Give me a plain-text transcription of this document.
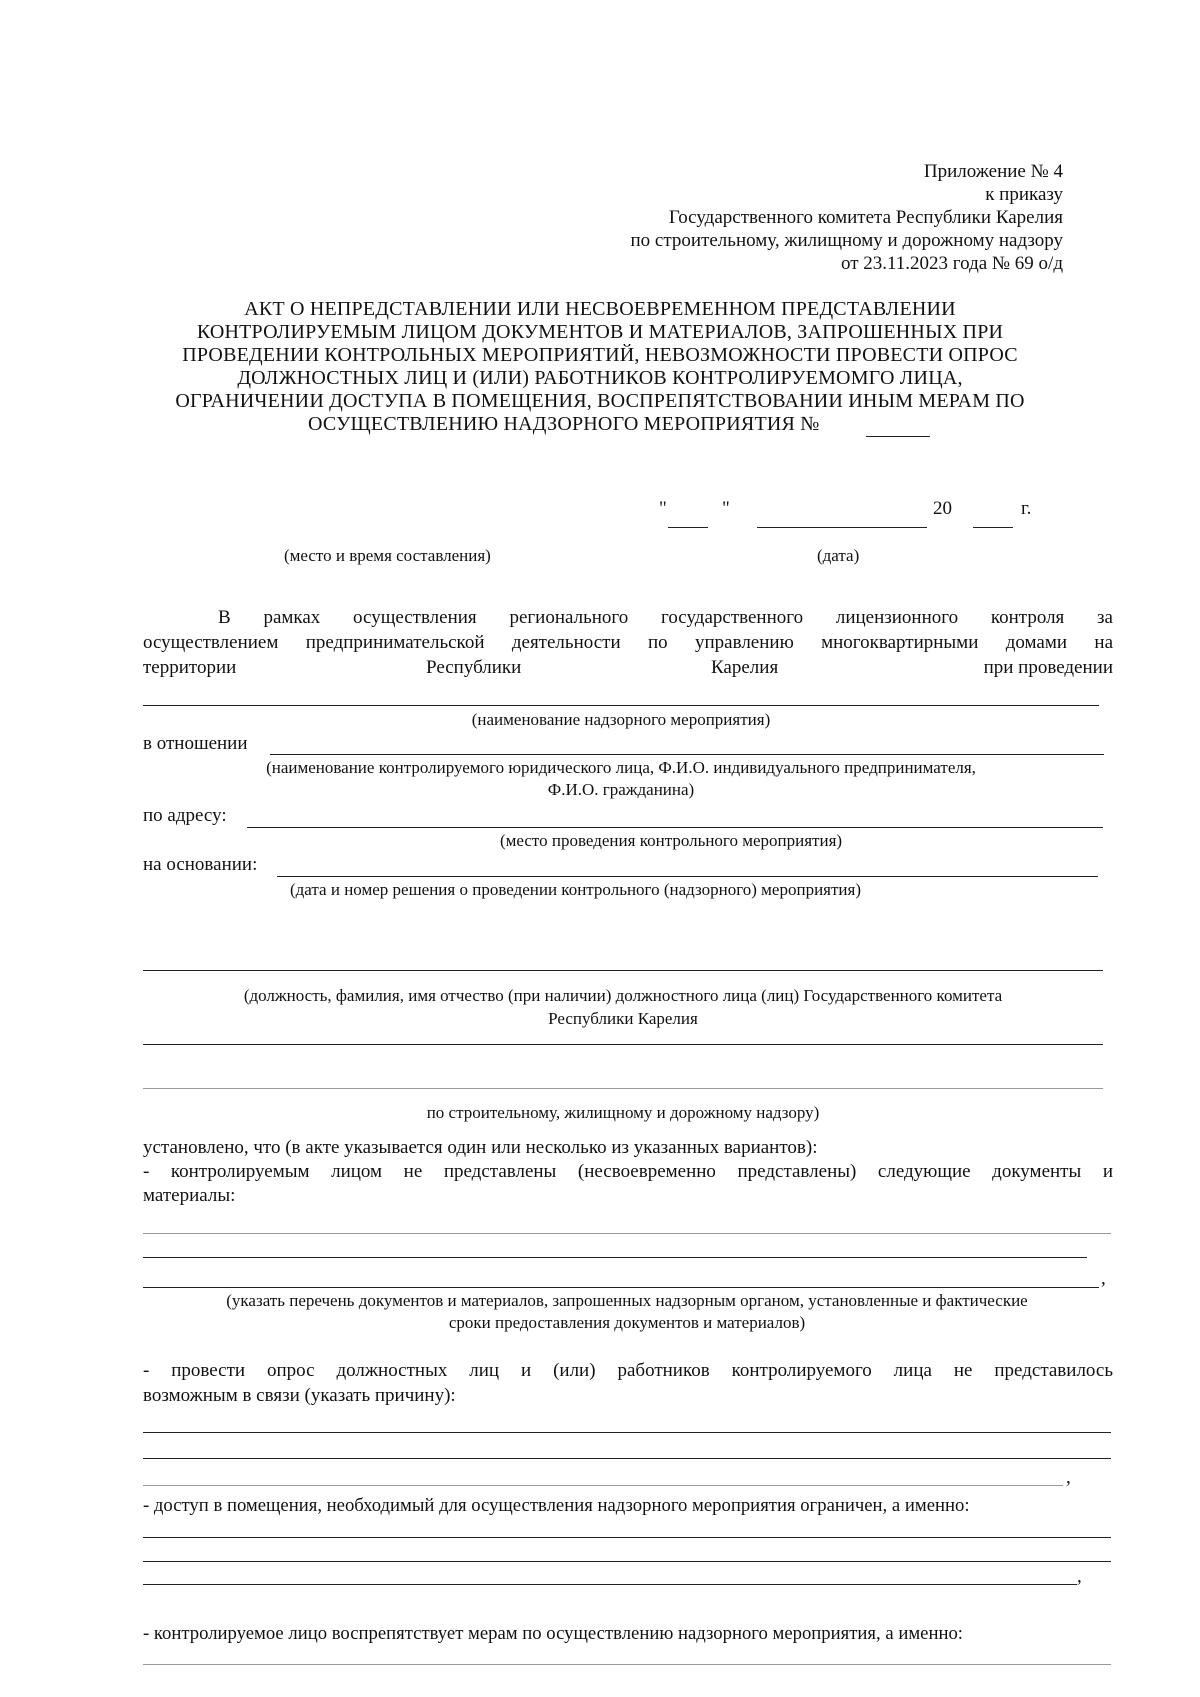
Приложение № 4
к приказу
Государственного комитета Республики Карелия
по строительному, жилищному и дорожному надзору
от 23.11.2023 года № 69 о/д
АКТ О НЕПРЕДСТАВЛЕНИИ ИЛИ НЕСВОЕВРЕМЕННОМ ПРЕДСТАВЛЕНИИ
КОНТРОЛИРУЕМЫМ ЛИЦОМ ДОКУМЕНТОВ И МАТЕРИАЛОВ, ЗАПРОШЕННЫХ ПРИ
ПРОВЕДЕНИИ КОНТРОЛЬНЫХ МЕРОПРИЯТИЙ, НЕВОЗМОЖНОСТИ ПРОВЕСТИ ОПРОС
ДОЛЖНОСТНЫХ ЛИЦ И (ИЛИ) РАБОТНИКОВ КОНТРОЛИРУЕМОМГО ЛИЦА,
ОГРАНИЧЕНИИ ДОСТУПА В ПОМЕЩЕНИЯ, ВОСПРЕПЯТСТВОВАНИИ ИНЫМ МЕРАМ ПО
ОСУЩЕСТВЛЕНИЮ НАДЗОРНОГО МЕРОПРИЯТИЯ №
"	"	20	г.
(место и время составления)	(дата)
В рамках осуществления регионального государственного лицензионного контроля за
осуществлением предпринимательской деятельности по управлению многоквартирными домами на
территории	Республики	Карелия	при проведении
(наименование надзорного мероприятия)
в отношении
(наименование контролируемого юридического лица, Ф.И.О. индивидуального предпринимателя,
Ф.И.О. гражданина)
по адресу:
(место проведения контрольного мероприятия)
на основании:
(дата и номер решения о проведении контрольного (надзорного) мероприятия)
(должность, фамилия, имя отчество (при наличии) должностного лица (лиц) Государственного комитета
Республики Карелия
по строительному, жилищному и дорожному надзору)
установлено, что (в акте указывается один или несколько из указанных вариантов):
- контролируемым лицом не представлены (несвоевременно представлены) следующие документы и
материалы:
,
(указать перечень документов и материалов, запрошенных надзорным органом, установленные и фактические
сроки предоставления документов и материалов)
- провести опрос должностных лиц и (или) работников контролируемого лица не представилось
возможным в связи (указать причину):
,
- доступ в помещения, необходимый для осуществления надзорного мероприятия ограничен, а именно:
,
- контролируемое лицо воспрепятствует мерам по осуществлению надзорного мероприятия, а именно:
